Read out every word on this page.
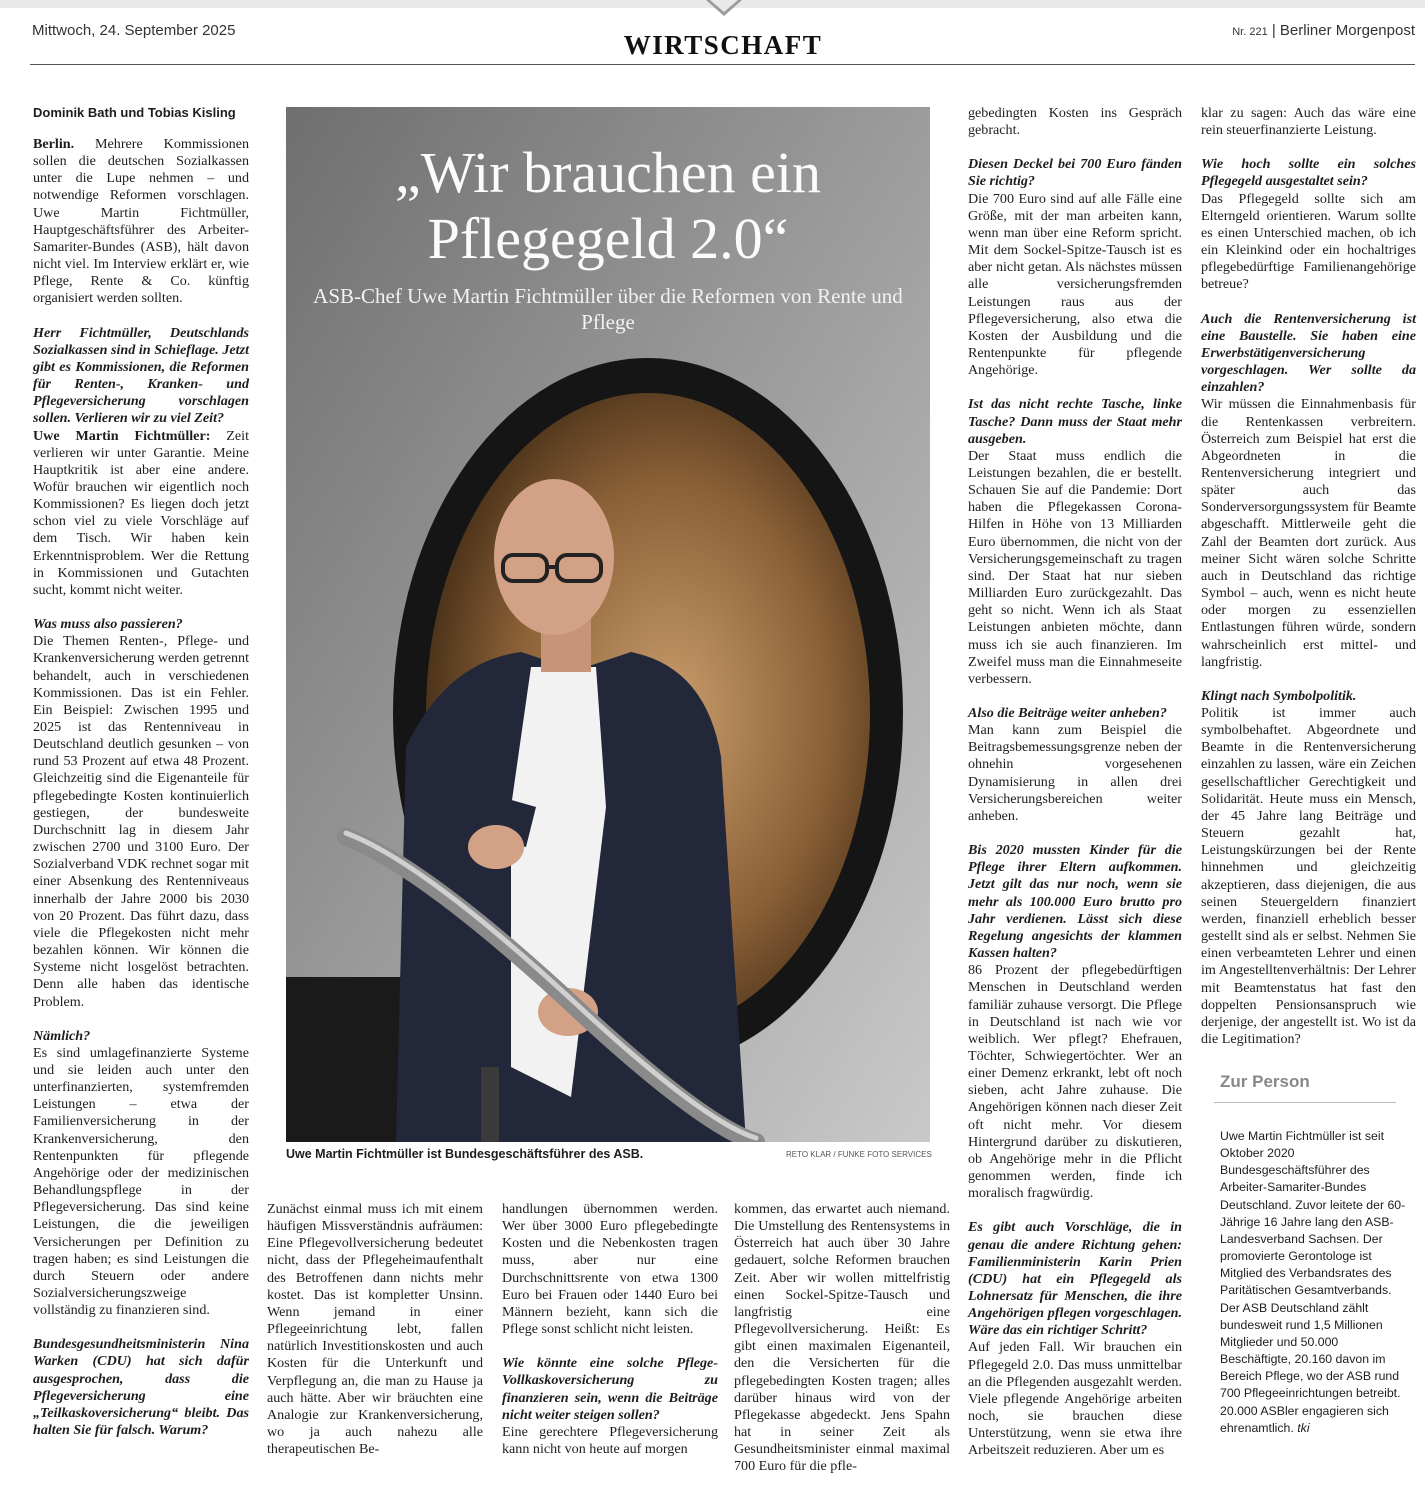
Mittwoch, 24. September 2025	WIRTSCHAFT	Nr. 221 | Berliner Morgenpost
Dominik Bath und Tobias Kisling

Berlin. Mehrere Kommissionen sollen die deutschen Sozialkassen unter die Lupe nehmen – und notwendige Reformen vorschlagen. Uwe Martin Fichtmüller, Hauptgeschäftsführer des Arbeiter-Samariter-Bundes (ASB), hält davon nicht viel. Im Interview erklärt er, wie Pflege, Rente & Co. künftig organisiert werden sollten.

Herr Fichtmüller, Deutschlands Sozialkassen sind in Schieflage. Jetzt gibt es Kommissionen, die Reformen für Renten-, Kranken- und Pflegeversicherung vorschlagen sollen. Verlieren wir zu viel Zeit?
Uwe Martin Fichtmüller: Zeit verlieren wir unter Garantie. Meine Hauptkritik ist aber eine andere. Wofür brauchen wir eigentlich noch Kommissionen? Es liegen doch jetzt schon viel zu viele Vorschläge auf dem Tisch. Wir haben kein Erkenntnisproblem. Wer die Rettung in Kommissionen und Gutachten sucht, kommt nicht weiter.

Was muss also passieren?
Die Themen Renten-, Pflege- und Krankenversicherung werden getrennt behandelt, auch in verschiedenen Kommissionen. Das ist ein Fehler. Ein Beispiel: Zwischen 1995 und 2025 ist das Rentenniveau in Deutschland deutlich gesunken – von rund 53 Prozent auf etwa 48 Prozent. Gleichzeitig sind die Eigenanteile für pflegebedingte Kosten kontinuierlich gestiegen, der bundesweite Durchschnitt lag in diesem Jahr zwischen 2700 und 3100 Euro. Der Sozialverband VDK rechnet sogar mit einer Absenkung des Rentenniveaus innerhalb der Jahre 2000 bis 2030 von 20 Prozent. Das führt dazu, dass viele die Pflegekosten nicht mehr bezahlen können. Wir können die Systeme nicht losgelöst betrachten. Denn alle haben das identische Problem.

Nämlich?
Es sind umlagefinanzierte Systeme und sie leiden auch unter den unterfinanzierten, systemfremden Leistungen – etwa der Familienversicherung in der Krankenversicherung, den Rentenpunkten für pflegende Angehörige oder der medizinischen Behandlungspflege in der Pflegeversicherung. Das sind keine Leistungen, die die jeweiligen Versicherungen per Definition zu tragen haben; es sind Leistungen die durch Steuern oder andere Sozialversicherungszweige vollständig zu finanzieren sind.

Bundesgesundheitsministerin Nina Warken (CDU) hat sich dafür ausgesprochen, dass die Pflegeversicherung eine „Teilkaskoversicherung“ bleibt. Das halten Sie für falsch. Warum?

„Wir brauchen ein Pflegegeld 2.0“
ASB-Chef Uwe Martin Fichtmüller über die Reformen von Rente und Pflege
Uwe Martin Fichtmüller ist Bundesgeschäftsführer des ASB.	RETO KLAR / FUNKE FOTO SERVICES

Zunächst einmal muss ich mit einem häufigen Missverständnis aufräumen: Eine Pflegevollversicherung bedeutet nicht, dass der Pflegeheimaufenthalt des Betroffenen dann nichts mehr kostet. Das ist kompletter Unsinn. Wenn jemand in einer Pflegeeinrichtung lebt, fallen natürlich Investitionskosten und auch Kosten für die Unterkunft und Verpflegung an, die man zu Hause ja auch hätte. Aber wir bräuchten eine Analogie zur Krankenversicherung, wo ja auch nahezu alle therapeutischen Be-

handlungen übernommen werden. Wer über 3000 Euro pflegebedingte Kosten und die Nebenkosten tragen muss, aber nur eine Durchschnittsrente von etwa 1300 Euro bei Frauen oder 1440 Euro bei Männern bezieht, kann sich die Pflege sonst schlicht nicht leisten.

Wie könnte eine solche Pflege-Vollkaskoversicherung zu finanzieren sein, wenn die Beiträge nicht weiter steigen sollen?
Eine gerechtere Pflegeversicherung kann nicht von heute auf morgen

kommen, das erwartet auch niemand. Die Umstellung des Rentensystems in Österreich hat auch über 30 Jahre gedauert, solche Reformen brauchen Zeit. Aber wir wollen mittelfristig einen Sockel-Spitze-Tausch und langfristig eine Pflegevollversicherung. Heißt: Es gibt einen maximalen Eigenanteil, den die Versicherten für die pflegebedingten Kosten tragen; alles darüber hinaus wird von der Pflegekasse abgedeckt. Jens Spahn hat in seiner Zeit als Gesundheitsminister einmal maximal 700 Euro für die pfle-

gebedingten Kosten ins Gespräch gebracht.

Diesen Deckel bei 700 Euro fänden Sie richtig?
Die 700 Euro sind auf alle Fälle eine Größe, mit der man arbeiten kann, wenn man über eine Reform spricht. Mit dem Sockel-Spitze-Tausch ist es aber nicht getan. Als nächstes müssen alle versicherungsfremden Leistungen raus aus der Pflegeversicherung, also etwa die Kosten der Ausbildung und die Rentenpunkte für pflegende Angehörige.

Ist das nicht rechte Tasche, linke Tasche? Dann muss der Staat mehr ausgeben.
Der Staat muss endlich die Leistungen bezahlen, die er bestellt. Schauen Sie auf die Pandemie: Dort haben die Pflegekassen Corona-Hilfen in Höhe von 13 Milliarden Euro übernommen, die nicht von der Versicherungsgemeinschaft zu tragen sind. Der Staat hat nur sieben Milliarden Euro zurückgezahlt. Das geht so nicht. Wenn ich als Staat Leistungen anbieten möchte, dann muss ich sie auch finanzieren. Im Zweifel muss man die Einnahmeseite verbessern.

Also die Beiträge weiter anheben?
Man kann zum Beispiel die Beitragsbemessungsgrenze neben der ohnehin vorgesehenen Dynamisierung in allen drei Versicherungsbereichen weiter anheben.

Bis 2020 mussten Kinder für die Pflege ihrer Eltern aufkommen. Jetzt gilt das nur noch, wenn sie mehr als 100.000 Euro brutto pro Jahr verdienen. Lässt sich diese Regelung angesichts der klammen Kassen halten?
86 Prozent der pflegebedürftigen Menschen in Deutschland werden familiär zuhause versorgt. Die Pflege in Deutschland ist nach wie vor weiblich. Wer pflegt? Ehefrauen, Töchter, Schwiegertöchter. Wer an einer Demenz erkrankt, lebt oft noch sieben, acht Jahre zuhause. Die Angehörigen können nach dieser Zeit oft nicht mehr. Vor diesem Hintergrund darüber zu diskutieren, ob Angehörige mehr in die Pflicht genommen werden, finde ich moralisch fragwürdig.

Es gibt auch Vorschläge, die in genau die andere Richtung gehen: Familienministerin Karin Prien (CDU) hat ein Pflegegeld als Lohnersatz für Menschen, die ihre Angehörigen pflegen vorgeschlagen. Wäre das ein richtiger Schritt?
Auf jeden Fall. Wir brauchen ein Pflegegeld 2.0. Das muss unmittelbar an die Pflegenden ausgezahlt werden. Viele pflegende Angehörige arbeiten noch, sie brauchen diese Unterstützung, wenn sie etwa ihre Arbeitszeit reduzieren. Aber um es

klar zu sagen: Auch das wäre eine rein steuerfinanzierte Leistung.

Wie hoch sollte ein solches Pflegegeld ausgestaltet sein?
Das Pflegegeld sollte sich am Elterngeld orientieren. Warum sollte es einen Unterschied machen, ob ich ein Kleinkind oder ein hochaltriges pflegebedürftige Familienangehörige betreue?

Auch die Rentenversicherung ist eine Baustelle. Sie haben eine Erwerbstätigenversicherung vorgeschlagen. Wer sollte da einzahlen?
Wir müssen die Einnahmenbasis für die Rentenkassen verbreitern. Österreich zum Beispiel hat erst die Abgeordneten in die Rentenversicherung integriert und später auch das Sonderversorgungssystem für Beamte abgeschafft. Mittlerweile geht die Zahl der Beamten dort zurück. Aus meiner Sicht wären solche Schritte auch in Deutschland das richtige Symbol – auch, wenn es nicht heute oder morgen zu essenziellen Entlastungen führen würde, sondern wahrscheinlich erst mittel- und langfristig.

Klingt nach Symbolpolitik.
Politik ist immer auch symbolbehaftet. Abgeordnete und Beamte in die Rentenversicherung einzahlen zu lassen, wäre ein Zeichen gesellschaftlicher Gerechtigkeit und Solidarität. Heute muss ein Mensch, der 45 Jahre lang Beiträge und Steuern gezahlt hat, Leistungskürzungen bei der Rente hinnehmen und gleichzeitig akzeptieren, dass diejenigen, die aus seinen Steuergeldern finanziert werden, finanziell erheblich besser gestellt sind als er selbst. Nehmen Sie einen verbeamteten Lehrer und einen im Angestelltenverhältnis: Der Lehrer mit Beamtenstatus hat fast den doppelten Pensionsanspruch wie derjenige, der angestellt ist. Wo ist da die Legitimation?

Zur Person
Uwe Martin Fichtmüller ist seit Oktober 2020 Bundesgeschäftsführer des Arbeiter-Samariter-Bundes Deutschland. Zuvor leitete der 60-Jährige 16 Jahre lang den ASB-Landesverband Sachsen. Der promovierte Gerontologe ist Mitglied des Verbandsrates des Paritätischen Gesamtverbands. Der ASB Deutschland zählt bundesweit rund 1,5 Millionen Mitglieder und 50.000 Beschäftigte, 20.160 davon im Bereich Pflege, wo der ASB rund 700 Pflegeeinrichtungen betreibt. 20.000 ASBler engagieren sich ehrenamtlich. tki
